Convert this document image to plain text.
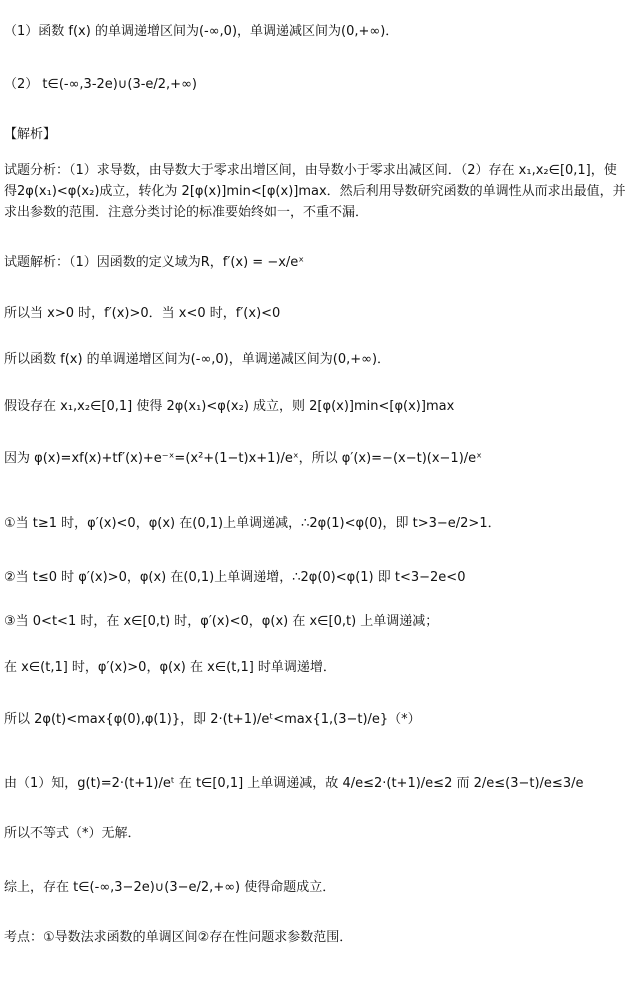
（1）函数 f(x) 的单调递增区间为(-∞,0)，单调递减区间为(0,+∞)．
（2） t∈(-∞,3-2e)∪(3-e/2,+∞)
【解析】
试题分析：（1）求导数，由导数大于零求出增区间，由导数小于零求出减区间．（2）存在 x₁,x₂∈[0,1]，使得2φ(x₁)<φ(x₂)成立，转化为 2[φ(x)]min<[φ(x)]max．然后利用导数研究函数的单调性从而求出最值，并求出参数的范围．注意分类讨论的标准要始终如一，不重不漏．
试题解析：（1）因函数的定义域为R，f′(x) = −x/eˣ
所以当 x>0 时，f′(x)>0．当 x<0 时，f′(x)<0
所以函数 f(x) 的单调递增区间为(-∞,0)，单调递减区间为(0,+∞)．
假设存在 x₁,x₂∈[0,1] 使得 2φ(x₁)<φ(x₂) 成立，则 2[φ(x)]min<[φ(x)]max
因为 φ(x)=xf(x)+tf′(x)+e⁻ˣ=(x²+(1−t)x+1)/eˣ，所以 φ′(x)=−(x−t)(x−1)/eˣ
①当 t≥1 时，φ′(x)<0，φ(x) 在(0,1)上单调递减，∴2φ(1)<φ(0)，即 t>3−e/2>1．
②当 t≤0 时 φ′(x)>0，φ(x) 在(0,1)上单调递增，∴2φ(0)<φ(1) 即 t<3−2e<0
③当 0<t<1 时，在 x∈[0,t) 时，φ′(x)<0，φ(x) 在 x∈[0,t) 上单调递减；
在 x∈(t,1] 时，φ′(x)>0，φ(x) 在 x∈(t,1] 时单调递增．
所以 2φ(t)<max{φ(0),φ(1)}，即 2·(t+1)/eᵗ<max{1,(3−t)/e}（*）
由（1）知，g(t)=2·(t+1)/eᵗ 在 t∈[0,1] 上单调递减，故 4/e≤2·(t+1)/e≤2 而 2/e≤(3−t)/e≤3/e
所以不等式（*）无解．
综上，存在 t∈(-∞,3−2e)∪(3−e/2,+∞) 使得命题成立．
考点：①导数法求函数的单调区间②存在性问题求参数范围．
